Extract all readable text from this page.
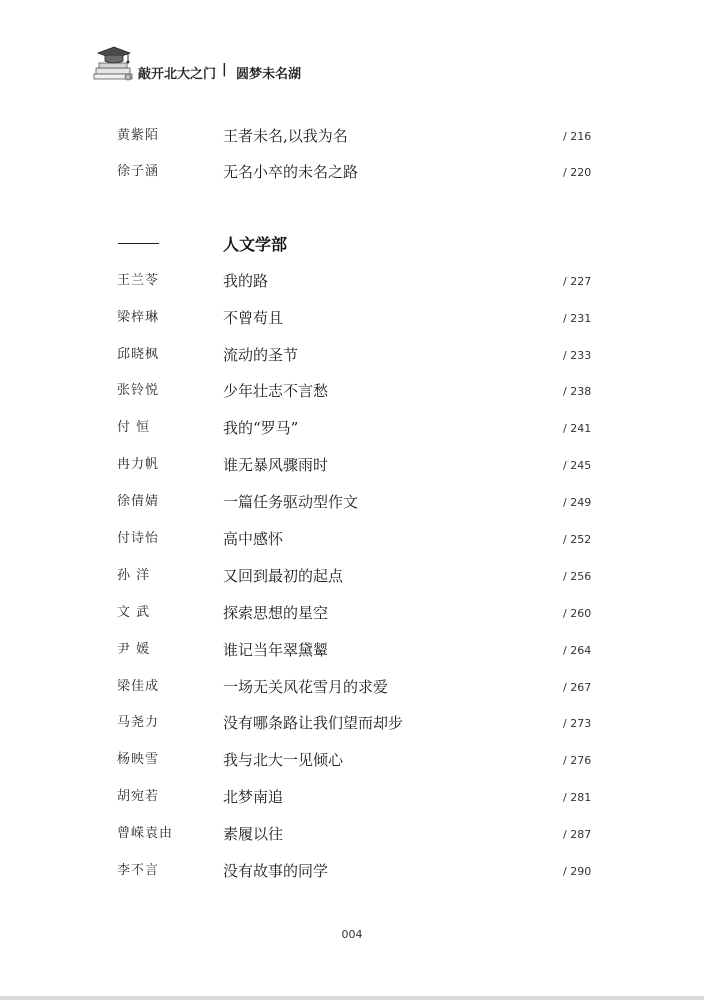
敲开北大之门 | 圆梦未名湖
黄紫陌	王者未名,以我为名	/ 216
徐子涵	无名小卒的未名之路	/ 220
人文学部
王兰苓	我的路	/ 227
梁梓琳	不曾苟且	/ 231
邱晓枫	流动的圣节	/ 233
张铃悦	少年壮志不言愁	/ 238
付 恒	我的“罗马”	/ 241
冉力帆	谁无暴风骤雨时	/ 245
徐倩婧	一篇任务驱动型作文	/ 249
付诗怡	高中感怀	/ 252
孙 洋	又回到最初的起点	/ 256
文 武	探索思想的星空	/ 260
尹 媛	谁记当年翠黛颦	/ 264
梁佳成	一场无关风花雪月的求爱	/ 267
马尧力	没有哪条路让我们望而却步	/ 273
杨映雪	我与北大一见倾心	/ 276
胡宛若	北梦南追	/ 281
曾嵘袁由	素履以往	/ 287
李不言	没有故事的同学	/ 290
004
